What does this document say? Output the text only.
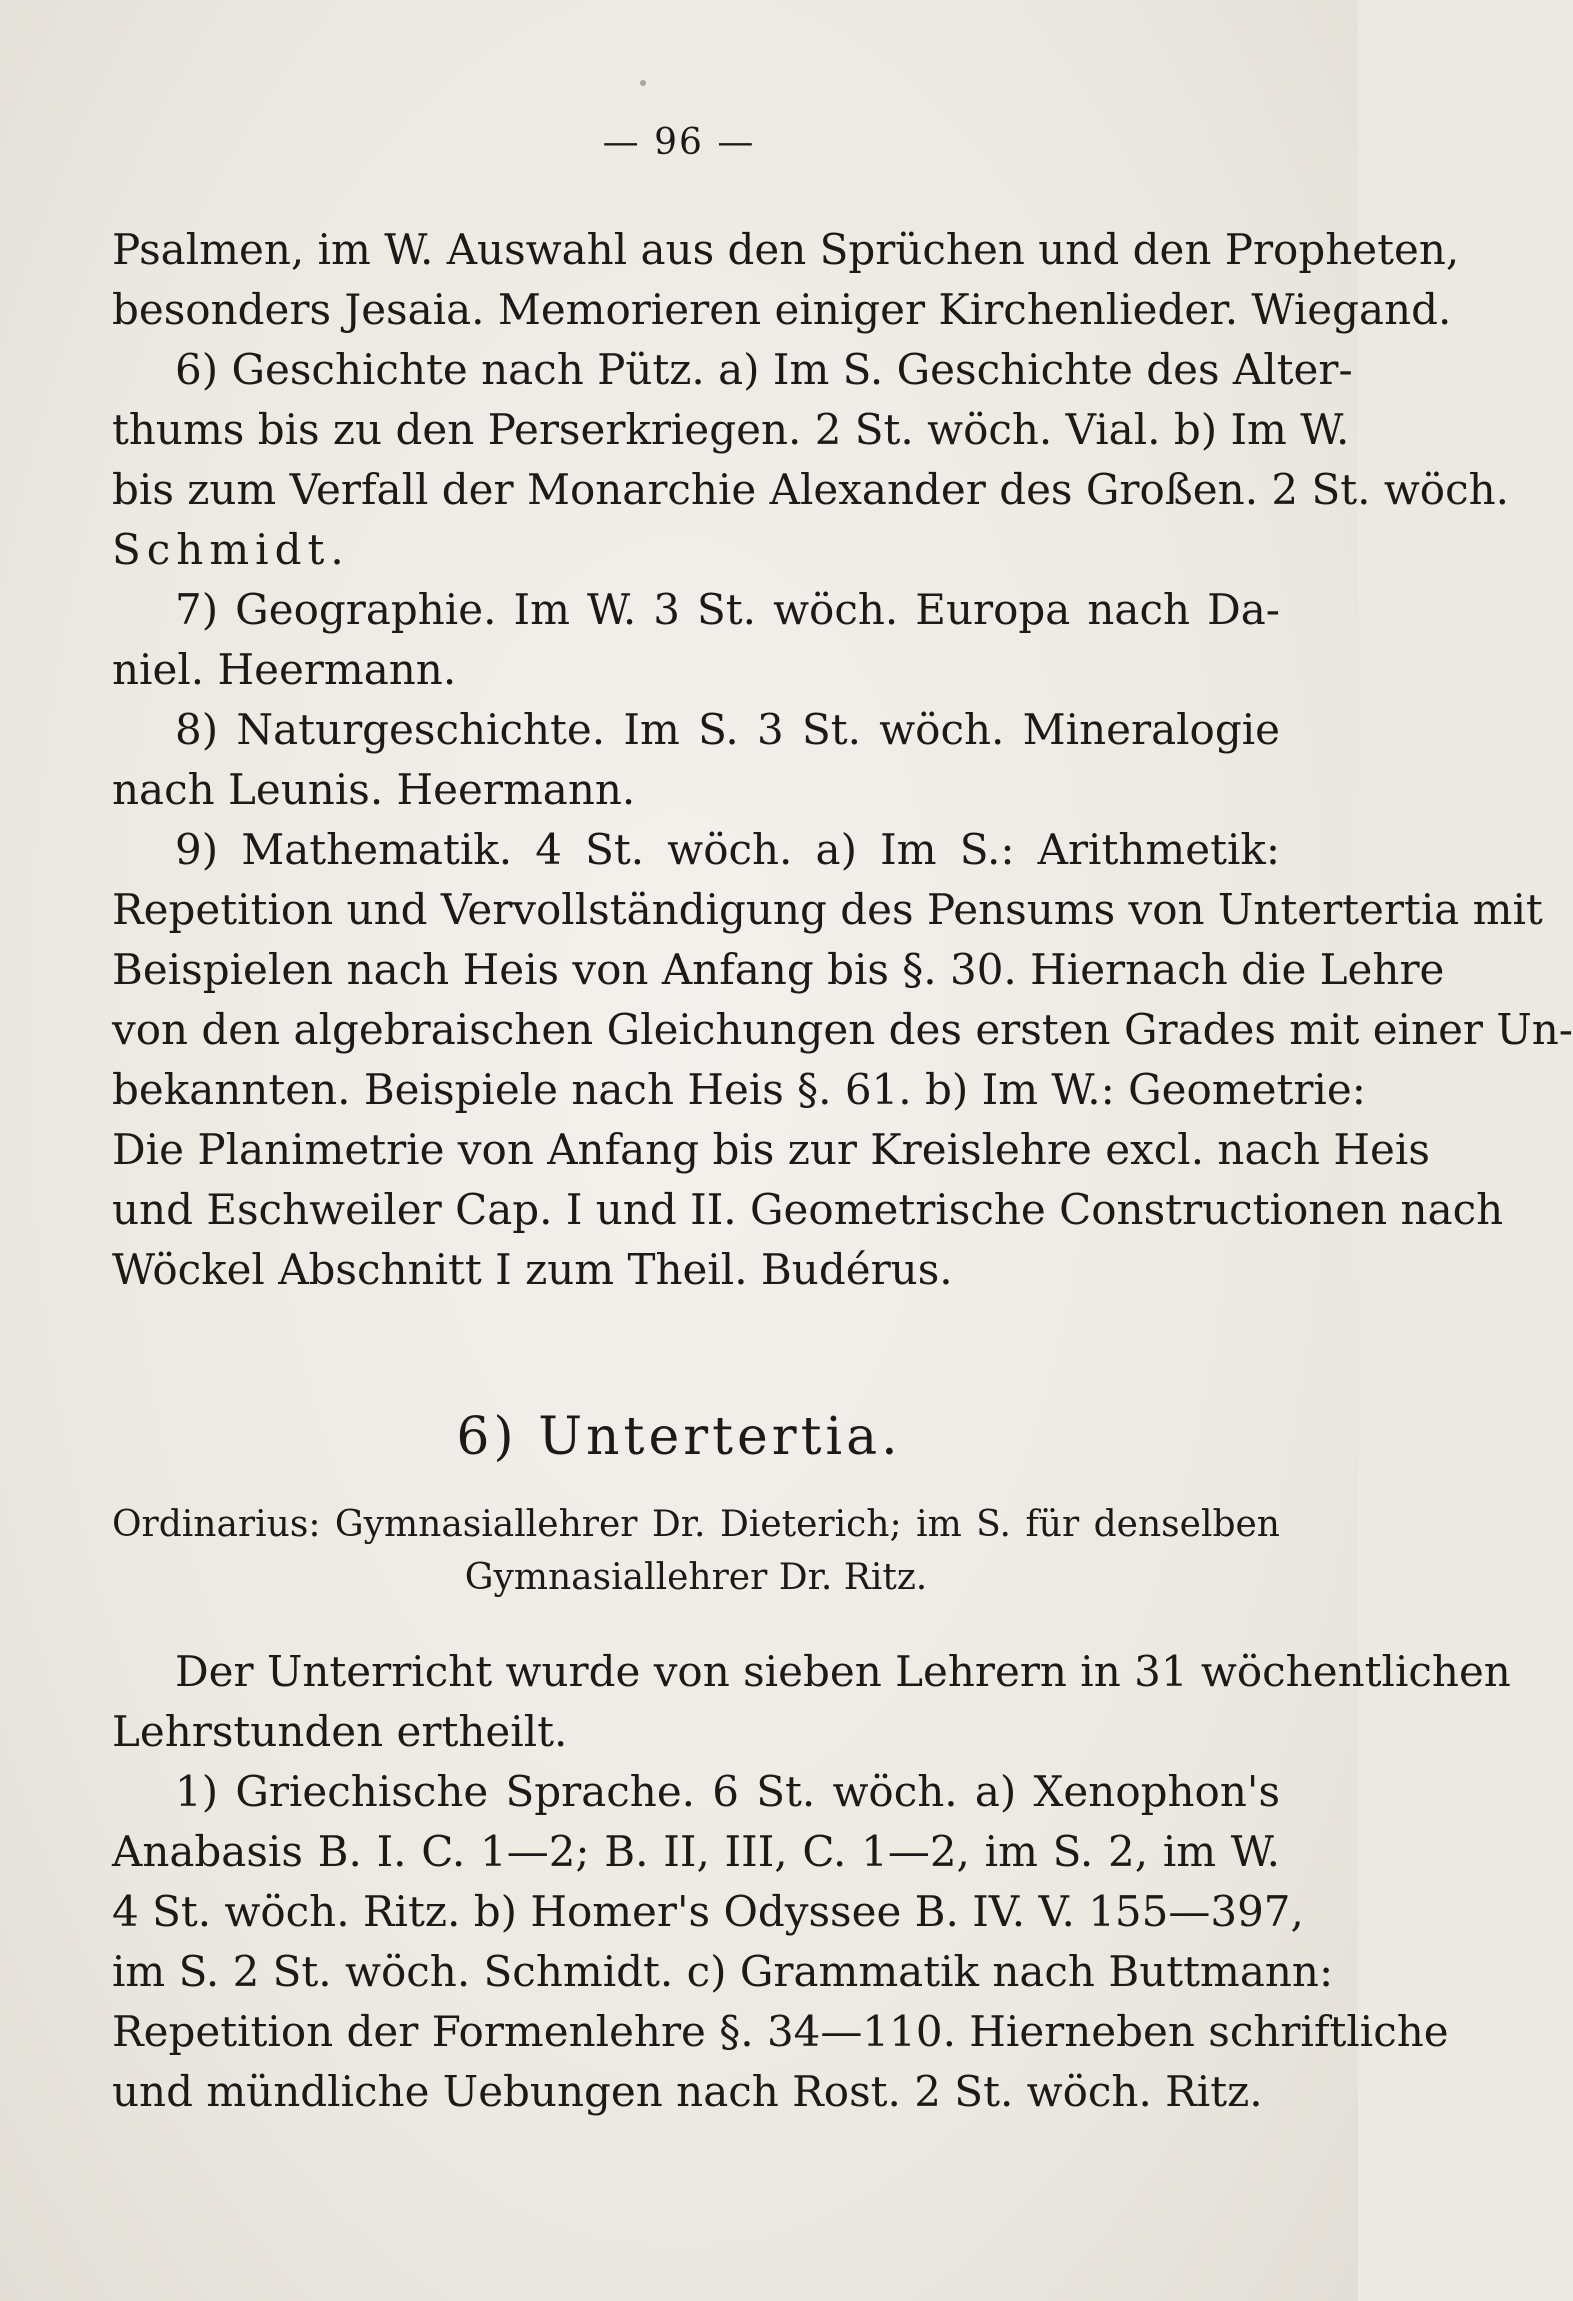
— 96 —
Psalmen, im W. Auswahl aus den Sprüchen und den Propheten,
besonders Jesaia. Memorieren einiger Kirchenlieder. Wiegand.
6) Geschichte nach Pütz. a) Im S. Geschichte des Alter-
thums bis zu den Perserkriegen. 2 St. wöch. Vial. b) Im W.
bis zum Verfall der Monarchie Alexander des Großen. 2 St. wöch.
Schmidt.
7) Geographie. Im W. 3 St. wöch. Europa nach Da-
niel. Heermann.
8) Naturgeschichte. Im S. 3 St. wöch. Mineralogie
nach Leunis. Heermann.
9) Mathematik. 4 St. wöch. a) Im S.: Arithmetik:
Repetition und Vervollständigung des Pensums von Untertertia mit
Beispielen nach Heis von Anfang bis §. 30. Hiernach die Lehre
von den algebraischen Gleichungen des ersten Grades mit einer Un-
bekannten. Beispiele nach Heis §. 61. b) Im W.: Geometrie:
Die Planimetrie von Anfang bis zur Kreislehre excl. nach Heis
und Eschweiler Cap. I und II. Geometrische Constructionen nach
Wöckel Abschnitt I zum Theil. Budérus.
6) Untertertia.
Ordinarius: Gymnasiallehrer Dr. Dieterich; im S. für denselben
Gymnasiallehrer Dr. Ritz.
Der Unterricht wurde von sieben Lehrern in 31 wöchentlichen
Lehrstunden ertheilt.
1) Griechische Sprache. 6 St. wöch. a) Xenophon's
Anabasis B. I. C. 1—2; B. II, III, C. 1—2, im S. 2, im W.
4 St. wöch. Ritz. b) Homer's Odyssee B. IV. V. 155—397,
im S. 2 St. wöch. Schmidt. c) Grammatik nach Buttmann:
Repetition der Formenlehre §. 34—110. Hierneben schriftliche
und mündliche Uebungen nach Rost. 2 St. wöch. Ritz.
